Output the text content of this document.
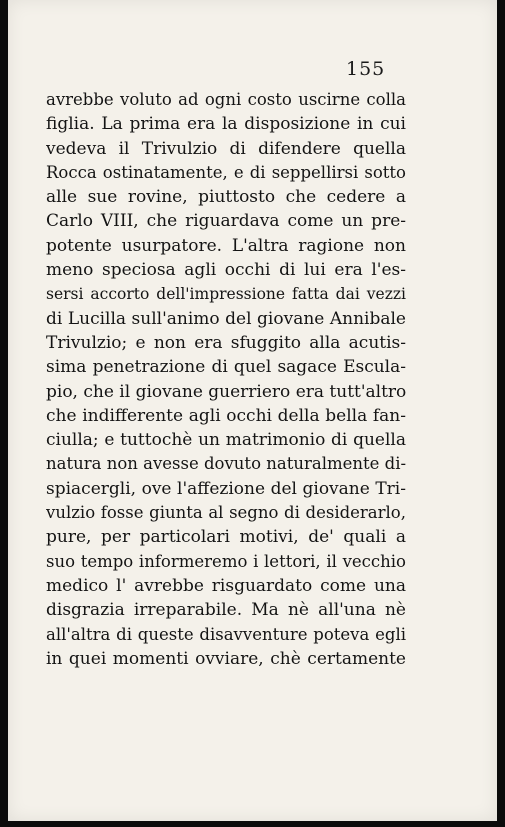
155
avrebbe voluto ad ogni costo uscirne colla
figlia. La prima era la disposizione in cui
vedeva il Trivulzio di difendere quella
Rocca ostinatamente, e di seppellirsi sotto
alle sue rovine, piuttosto che cedere a
Carlo VIII, che riguardava come un pre-
potente usurpatore. L'altra ragione non
meno speciosa agli occhi di lui era l'es-
sersi accorto dell'impressione fatta dai vezzi
di Lucilla sull'animo del giovane Annibale
Trivulzio; e non era sfuggito alla acutis-
sima penetrazione di quel sagace Escula-
pio, che il giovane guerriero era tutt'altro
che indifferente agli occhi della bella fan-
ciulla; e tuttochè un matrimonio di quella
natura non avesse dovuto naturalmente di-
spiacergli, ove l'affezione del giovane Tri-
vulzio fosse giunta al segno di desiderarlo,
pure, per particolari motivi, de' quali a
suo tempo informeremo i lettori, il vecchio
medico l' avrebbe risguardato come una
disgrazia irreparabile. Ma nè all'una nè
all'altra di queste disavventure poteva egli
in quei momenti ovviare, chè certamente
